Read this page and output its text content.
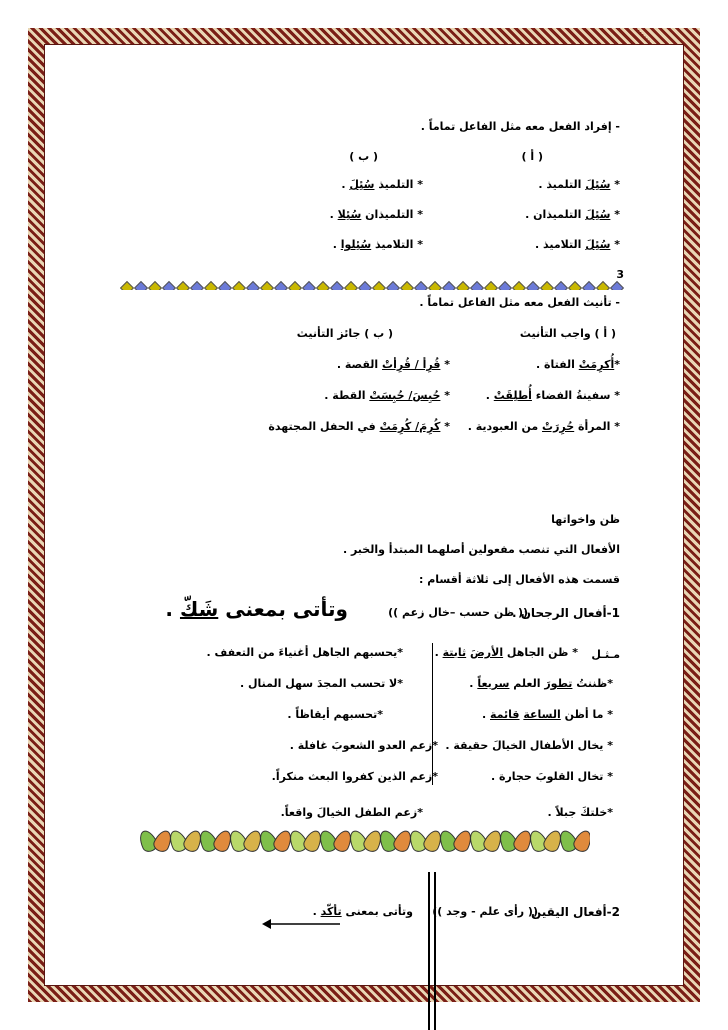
- إفراد الفعل معه مثل الفاعل تماماً .
( أ )
( ب )
* سُئِلَ التلميذ .
* التلميذ سُئِلَ .
* سُئِلَ التلميذان .
* التلميذان سُئِلا .
* سُئِلَ التلاميذ .
* التلاميذ سُئِلوا .
3
- تأنيث الفعل معه مثل الفاعل تماماً .
( أ ) واجب التأنيث
( ب ) جائز التأنيث
*أُكرِمَتْ الفتاة .
* قُرِأ / قُرِأتْ القصة .
* سفينةُ الفضاء أُطلِقَتْ .
* حُبِسَ/ حُبِسَتْ القطة .
* المرأة حُرِرَتْ من العبودية .
* كُرِمَ/ كُرِمَتْ في الحفل المجتهدة
ظن واخواتها
الأفعال التي تنصب مفعولين أصلهما المبتدأ والخبر .
قسمت هذه الأفعال إلى ثلاثة أقسام :
1-أفعال الرجحان .
(( ظن حسب –خال زعم ))
وتأتى بمعنى شَكّ .
مـثـل
* ظن الجاهل الأرضَ ثابتة .
*ظننتُ تطورَ العلم سريعاً .
* ما أظن الساعة قائمة .
* يخال الأطفال الخيالَ حقيقة .
* تخال القلوبَ حجارة .
*خلتكَ جبلاً .
*يحسبهم الجاهل أغنياءَ من التعفف .
*لا تحسب المجدَ سهل المنال .
*تحسبهم أيقاظاً .
*زعم العدو الشعوبَ غافلة .
*زعم الذين كفروا البعث منكراً.
*زعم الطفل الخيالَ واقعاً.
2-أفعال اليقين
(( رأى علم - وجد ))
وتأتى بمعنى تأكّد .
